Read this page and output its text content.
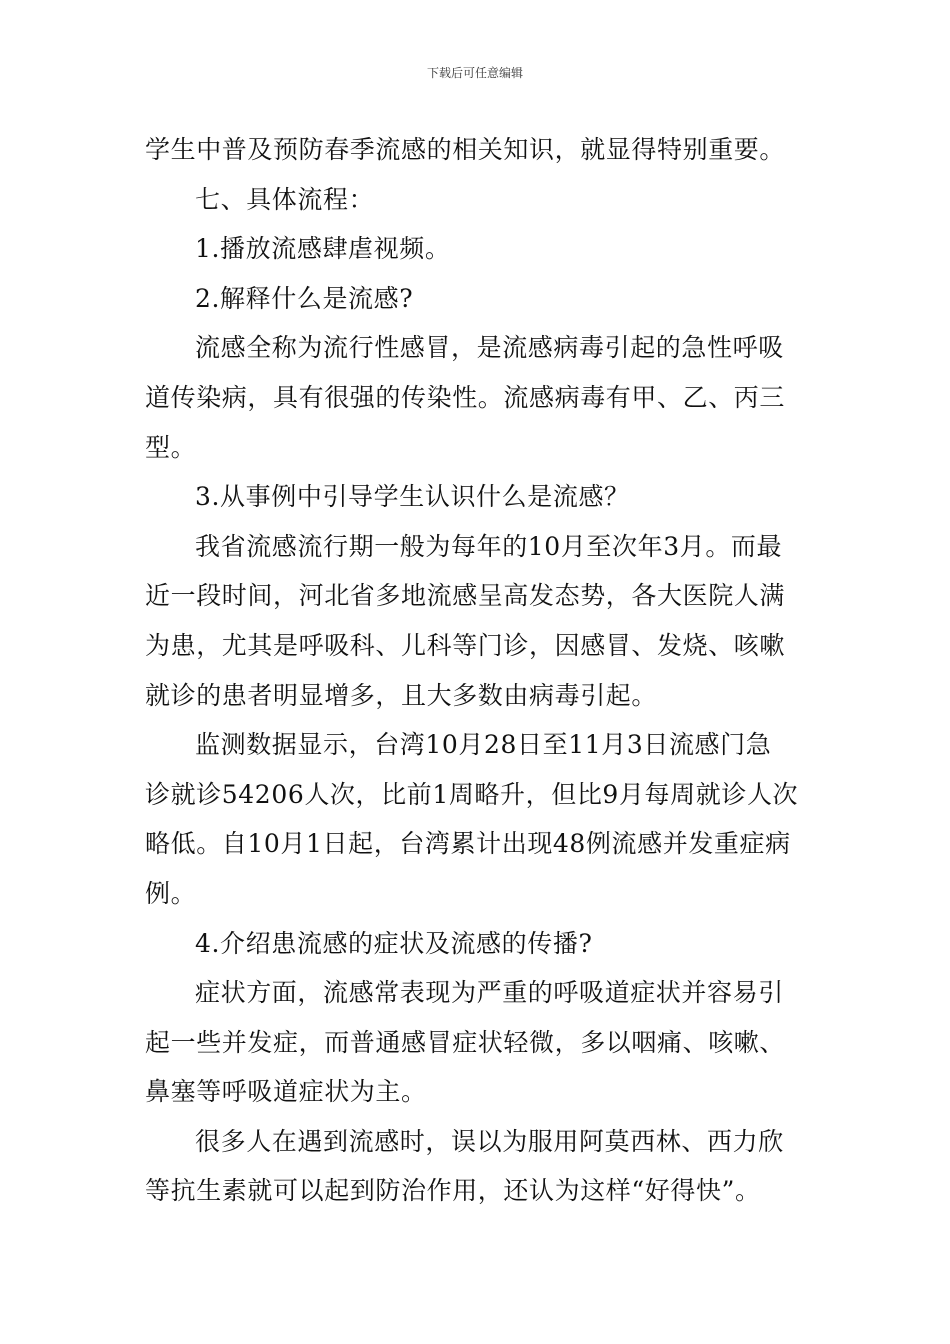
下载后可任意编辑
学生中普及预防春季流感的相关知识，就显得特别重要。
七、具体流程：
1.播放流感肆虐视频。
2.解释什么是流感?
流感全称为流行性感冒，是流感病毒引起的急性呼吸
道传染病，具有很强的传染性。流感病毒有甲、乙、丙三
型。
3.从事例中引导学生认识什么是流感？
我省流感流行期一般为每年的10月至次年3月。而最
近一段时间，河北省多地流感呈高发态势，各大医院人满
为患，尤其是呼吸科、儿科等门诊，因感冒、发烧、咳嗽
就诊的患者明显增多，且大多数由病毒引起。
监测数据显示，台湾10月28日至11月3日流感门急
诊就诊54206人次，比前1周略升，但比9月每周就诊人次
略低。自10月1日起，台湾累计出现48例流感并发重症病
例。
4.介绍患流感的症状及流感的传播?
症状方面，流感常表现为严重的呼吸道症状并容易引
起一些并发症，而普通感冒症状轻微，多以咽痛、咳嗽、
鼻塞等呼吸道症状为主。
很多人在遇到流感时，误以为服用阿莫西林、西力欣
等抗生素就可以起到防治作用，还认为这样“好得快”。
